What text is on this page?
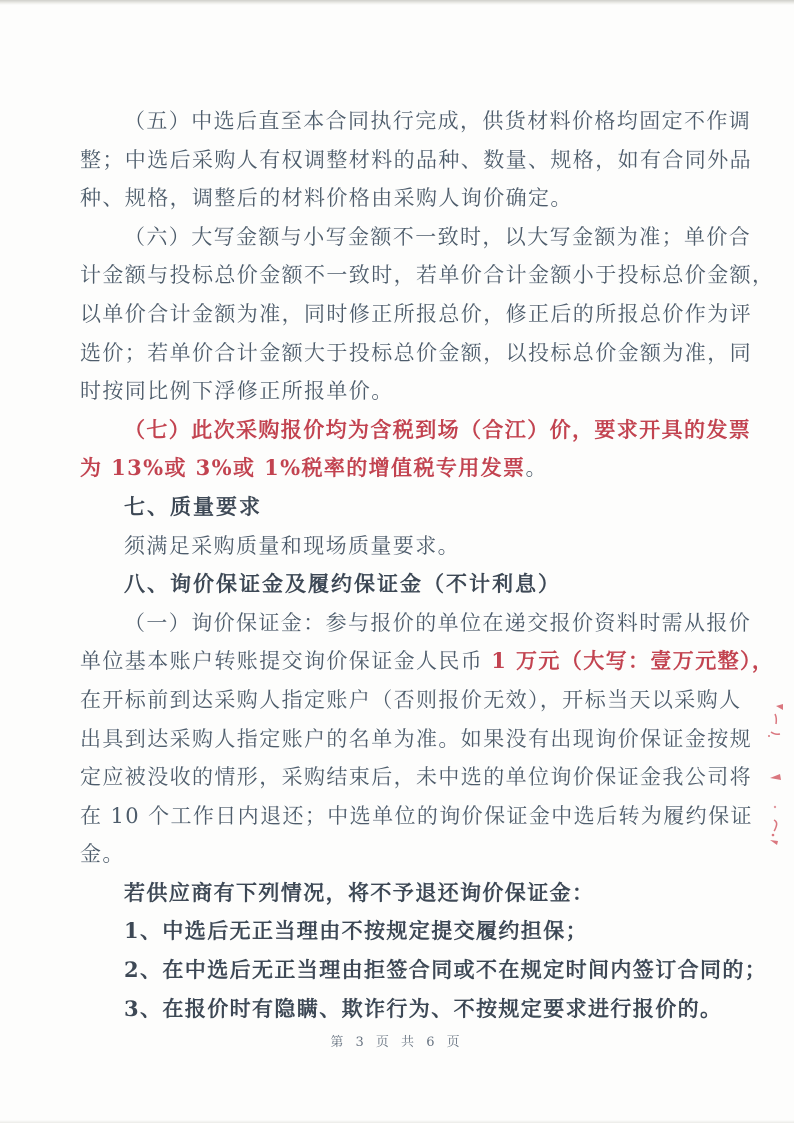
（五）中选后直至本合同执行完成，供货材料价格均固定不作调
整；中选后采购人有权调整材料的品种、数量、规格，如有合同外品
种、规格，调整后的材料价格由采购人询价确定。
（六）大写金额与小写金额不一致时，以大写金额为准；单价合
计金额与投标总价金额不一致时，若单价合计金额小于投标总价金额，
以单价合计金额为准，同时修正所报总价，修正后的所报总价作为评
选价；若单价合计金额大于投标总价金额，以投标总价金额为准，同
时按同比例下浮修正所报单价。
（七）此次采购报价均为含税到场（合江）价，要求开具的发票
为 13%或 3%或 1%税率的增值税专用发票。
七、质量要求
须满足采购质量和现场质量要求。
八、询价保证金及履约保证金（不计利息）
（一）询价保证金：参与报价的单位在递交报价资料时需从报价
单位基本账户转账提交询价保证金人民币 1 万元（大写：壹万元整），
在开标前到达采购人指定账户（否则报价无效），开标当天以采购人
出具到达采购人指定账户的名单为准。如果没有出现询价保证金按规
定应被没收的情形，采购结束后，未中选的单位询价保证金我公司将
在 10 个工作日内退还；中选单位的询价保证金中选后转为履约保证
金。
若供应商有下列情况，将不予退还询价保证金：
1、中选后无正当理由不按规定提交履约担保；
2、在中选后无正当理由拒签合同或不在规定时间内签订合同的；
3、在报价时有隐瞒、欺诈行为、不按规定要求进行报价的。
第 3 页 共 6 页
